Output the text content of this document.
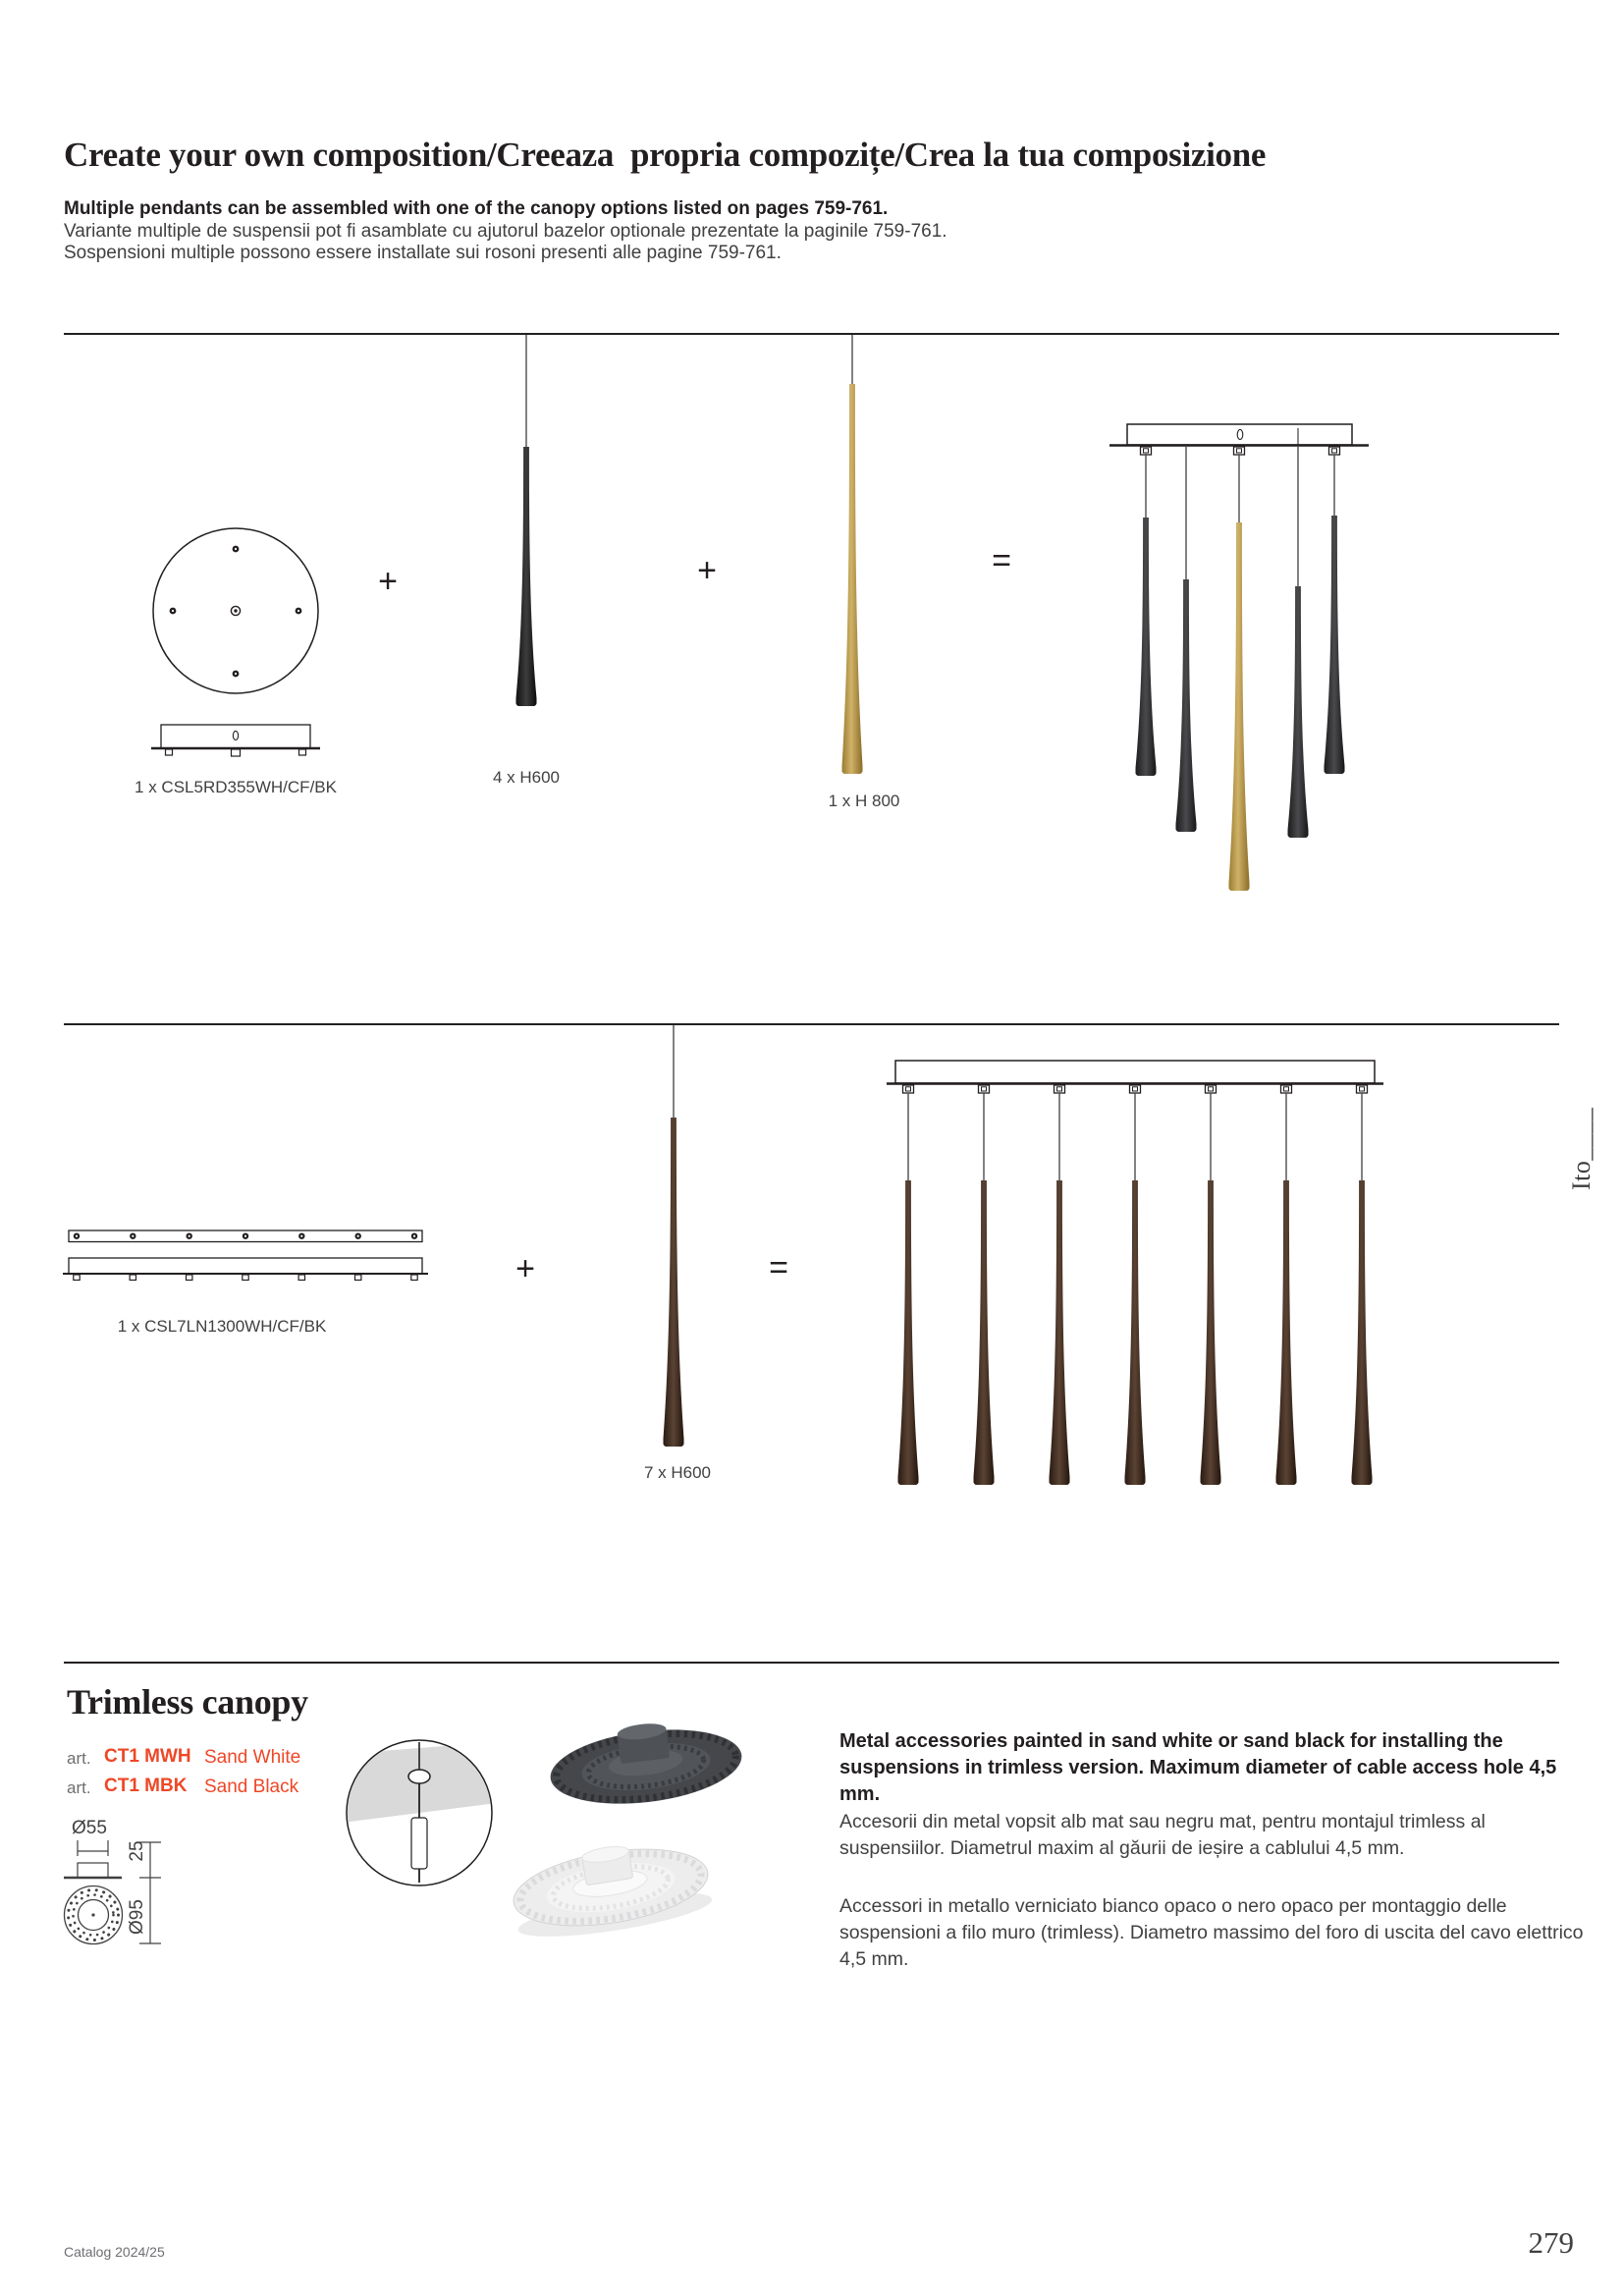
Create your own composition/Creeaza  propria compozițe/Crea la tua composizione
Multiple pendants can be assembled with one of the canopy options listed on pages 759-761.
Variante multiple de suspensii pot fi asamblate cu ajutorul bazelor optionale prezentate la paginile 759-761.
Sospensioni multiple possono essere installate sui rosoni presenti alle pagine 759-761.
1 x CSL5RD355WH/CF/BK
+
4 x H600
+
1 x H 800
=
1 x CSL7LN1300WH/CF/BK
+
7 x H600
=
Ito____
Trimless canopy
art. CT1 MWH Sand White
art. CT1 MBK Sand Black
Ø55
25
Ø95
Metal accessories painted in sand white or sand black for installing the suspensions in trimless version. Maximum diameter of cable access hole 4,5 mm.
Accesorii din metal vopsit alb mat sau negru mat, pentru montajul trimless al suspensiilor. Diametrul maxim al găurii de ieșire a cablului 4,5 mm.
Accessori in metallo verniciato bianco opaco o nero opaco per montaggio delle sospensioni a filo muro (trimless). Diametro massimo del foro di uscita del cavo elettrico 4,5 mm.
Catalog 2024/25	279
